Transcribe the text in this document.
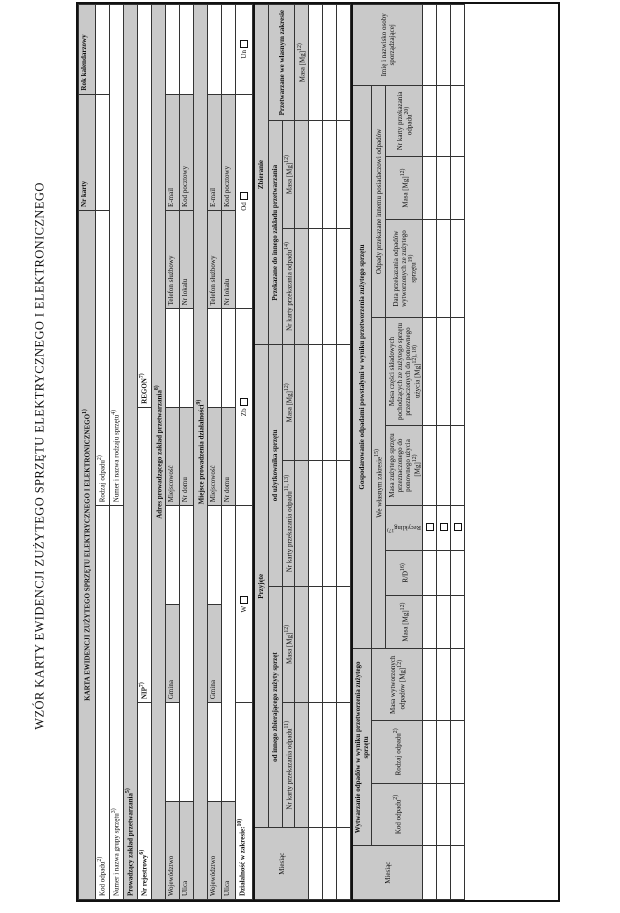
WZÓR KARTY EWIDENCJI ZUŻYTEGO SPRZĘTU ELEKTRYCZNEGO I ELEKTRONICZNEGO	KARTA EWIDENCJI ZUŻYTEGO SPRZĘTU ELEKTRYCZNEGO I ELEKTRONICZNEGO$^{1)}$							Nr karty	Rok kalendarzowy
Kod odpadu$^{2)}$				Rodzaj odpadu$^{2)}$		
Numer i nazwa grupy sprzętu$^{3)}$				Numer i nazwa rodzaju sprzętu$^{4)}$
Prowadzący zakład przetwarzania$^{5)}$
Nr rejestrowy$^{6)}$		NIP$^{7)}$			REGON$^{7)}$
Adres prowadzącego zakład przetwarzania$^{8)}$
Województwo		Gmina		Miejscowość		Telefon służbowy	E-mail	
Ulica				Nr domu		Nr lokalu	Kod pocztowy	
Miejsce prowadzenia działalności$^{9)}$
Województwo		Gmina		Miejscowość		Telefon służbowy	E-mail	
Ulica				Nr domu		Nr lokalu	Kod pocztowy	
Działalność w zakresie:$^{10)}$		W		Zb		Od		Un
Miesiąc	Przyjęte				Zbieranie		
	od innego zbierającego zużyty sprzęt		od użytkownika sprzętu		Przekazane do innego zakładu przetwarzania		Przetwarzane we własnym zakresie
	Nr karty przekazania odpadu$^{11)}$	Masa $[Mg]^{12)}$	Nr karty przekazania odpadu$^{11, 13)}$	Masa $[Mg]^{12)}$	Nr karty przekazania odpadu$^{14)}$	Masa $[Mg]^{12)}$
							Masa $[Mg]^{12)}$

Miesiąc	Wytwarzanie odpadów w wyniku przetworzenia zużytego sprzętu			Gospodarowanie odpadami powstałymi w wyniku przetworzenia zużytego sprzętu								Imię i nazwisko osoby sporządzającej
	Kod odpadu$^{2)}$	Rodzaj odpadu$^{2)}$	Masa wytworzonych odpadów $[Mg]^{12)}$	We własnym zakresie$^{15)}$					Odpady przekazane innemu posiadaczowi odpadów			
				Masa $[Mg]^{12)}$	$R/D^{16)}$	Recykling$^{17)}$	Masa zużytego sprzętu przeznaczonego do ponownego użycia $[Mg]^{12)}$	Masa części składowych pochodzących ze zużytego sprzętu przeznaczonych do ponownego użycia $[Mg]^{12), 18)}$	Data przekazania odpadów wytworzonych ze zużytego sprzętu$^{19)}$	Masa $[Mg]^{12)}$	Nr karty przekazania odpadu$^{20)}$
